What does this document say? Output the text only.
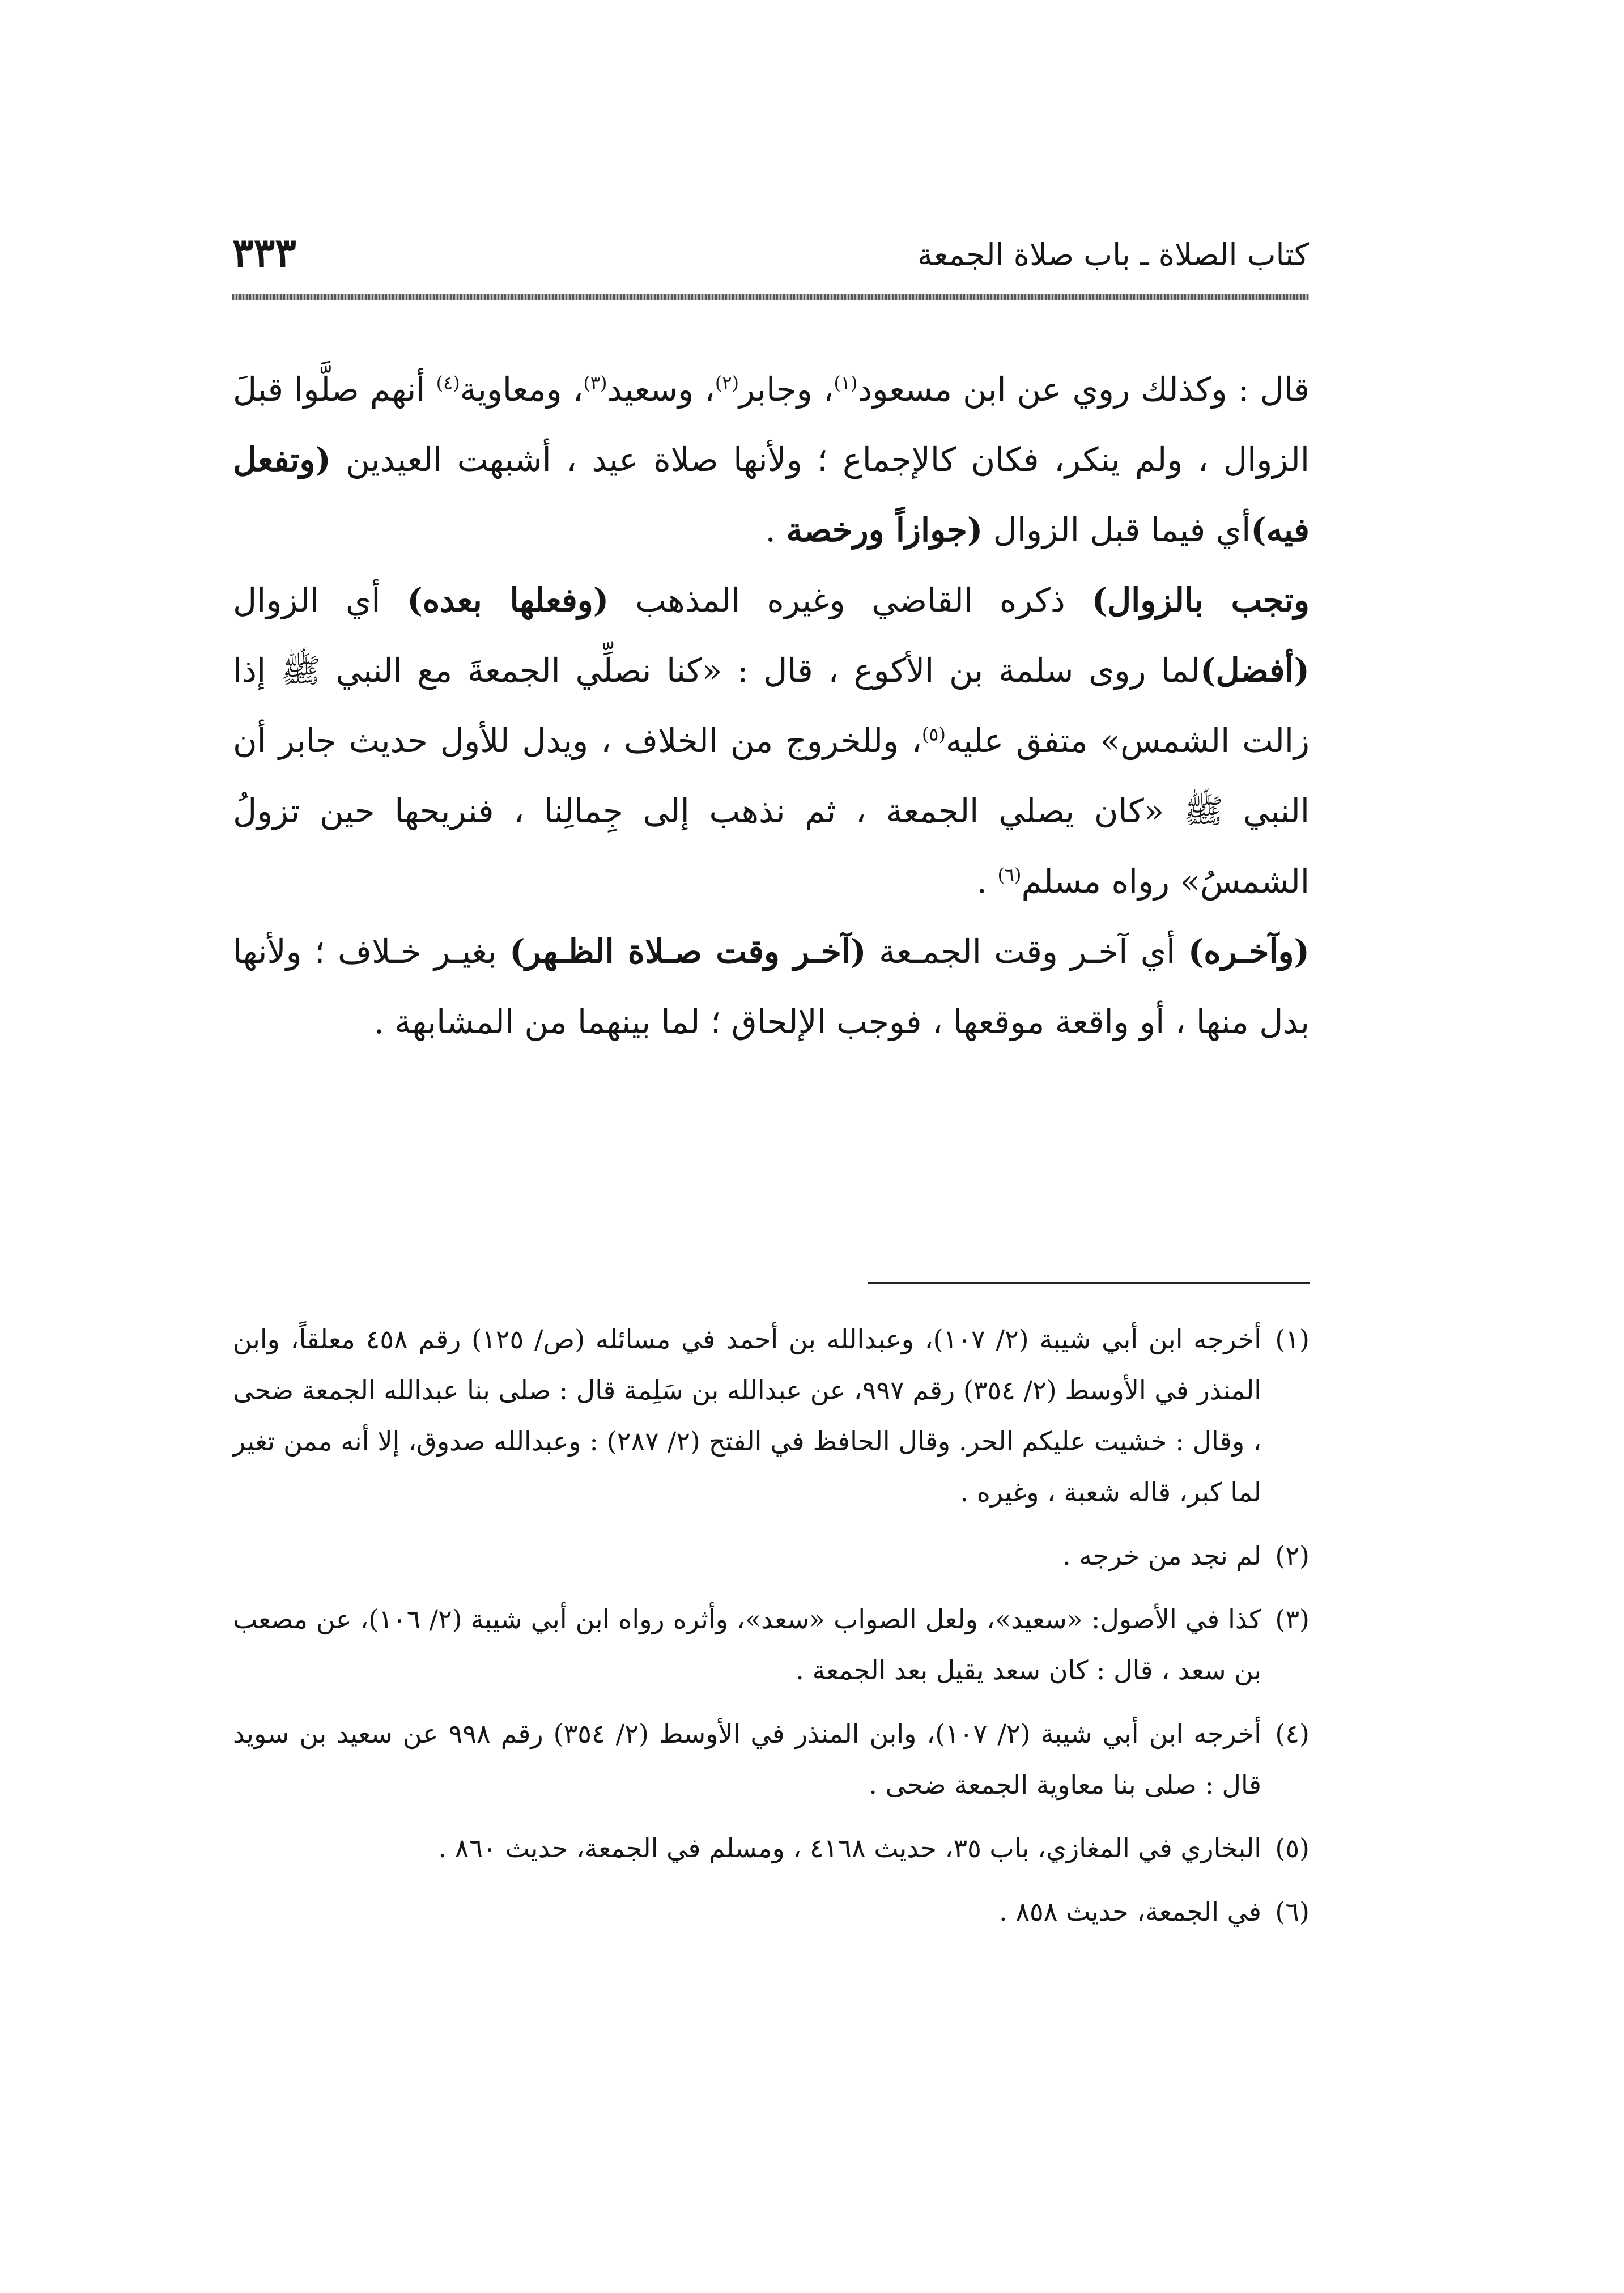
كتاب الصلاة ـ باب صلاة الجمعة
٣٣٣

قال : وكذلك روي عن ابن مسعود$^{(١)}$، وجابر$^{(٢)}$، وسعيد$^{(٣)}$، ومعاوية$^{(٤)}$ أنهم صلَّوا قبلَ الزوال ، ولم ينكر، فكان كالإجماع ؛ ولأنها صلاة عيد ، أشبهت العيدين (وتفعل فيه)أي فيما قبل الزوال (جوازاً ورخصة .

وتجب بالزوال) ذكره القاضي وغيره المذهب (وفعلها بعده) أي الزوال (أفضل)لما روى سلمة بن الأكوع ، قال : «كنا نصلِّي الجمعةَ مع النبي ﷺ إذا زالت الشمس» متفق عليه$^{(٥)}$، وللخروج من الخلاف ، ويدل للأول حديث جابر أن النبي ﷺ «كان يصلي الجمعة ، ثم نذهب إلى جِمالِنا ، فنريحها حين تزولُ الشمسُ» رواه مسلم$^{(٦)}$ .

(وآخـره) أي آخـر وقت الجمـعة (آخـر وقت صـلاة الظـهر) بغيـر خـلاف ؛ ولأنها بدل منها ، أو واقعة موقعها ، فوجب الإلحاق ؛ لما بينهما من المشابهة .

(١)
أخرجه ابن أبي شيبة (٢/ ١٠٧)، وعبدالله بن أحمد في مسائله (ص/ ١٢٥) رقم ٤٥٨ معلقاً، وابن المنذر في الأوسط (٢/ ٣٥٤) رقم ٩٩٧، عن عبدالله بن سَلِمة قال : صلى بنا عبدالله الجمعة ضحى ، وقال : خشيت عليكم الحر. وقال الحافظ في الفتح (٢/ ٢٨٧) : وعبدالله صدوق، إلا أنه ممن تغير لما كبر، قاله شعبة ، وغيره .
(٢)
لم نجد من خرجه .
(٣)
كذا في الأصول: «سعيد»، ولعل الصواب «سعد»، وأثره رواه ابن أبي شيبة (٢/ ١٠٦)، عن مصعب بن سعد ، قال : كان سعد يقيل بعد الجمعة .
(٤)
أخرجه ابن أبي شيبة (٢/ ١٠٧)، وابن المنذر في الأوسط (٢/ ٣٥٤) رقم ٩٩٨ عن سعيد بن سويد قال : صلى بنا معاوية الجمعة ضحى .
(٥)
البخاري في المغازي، باب ٣٥، حديث ٤١٦٨ ، ومسلم في الجمعة، حديث ٨٦٠ .
(٦)
في الجمعة، حديث ٨٥٨ .
